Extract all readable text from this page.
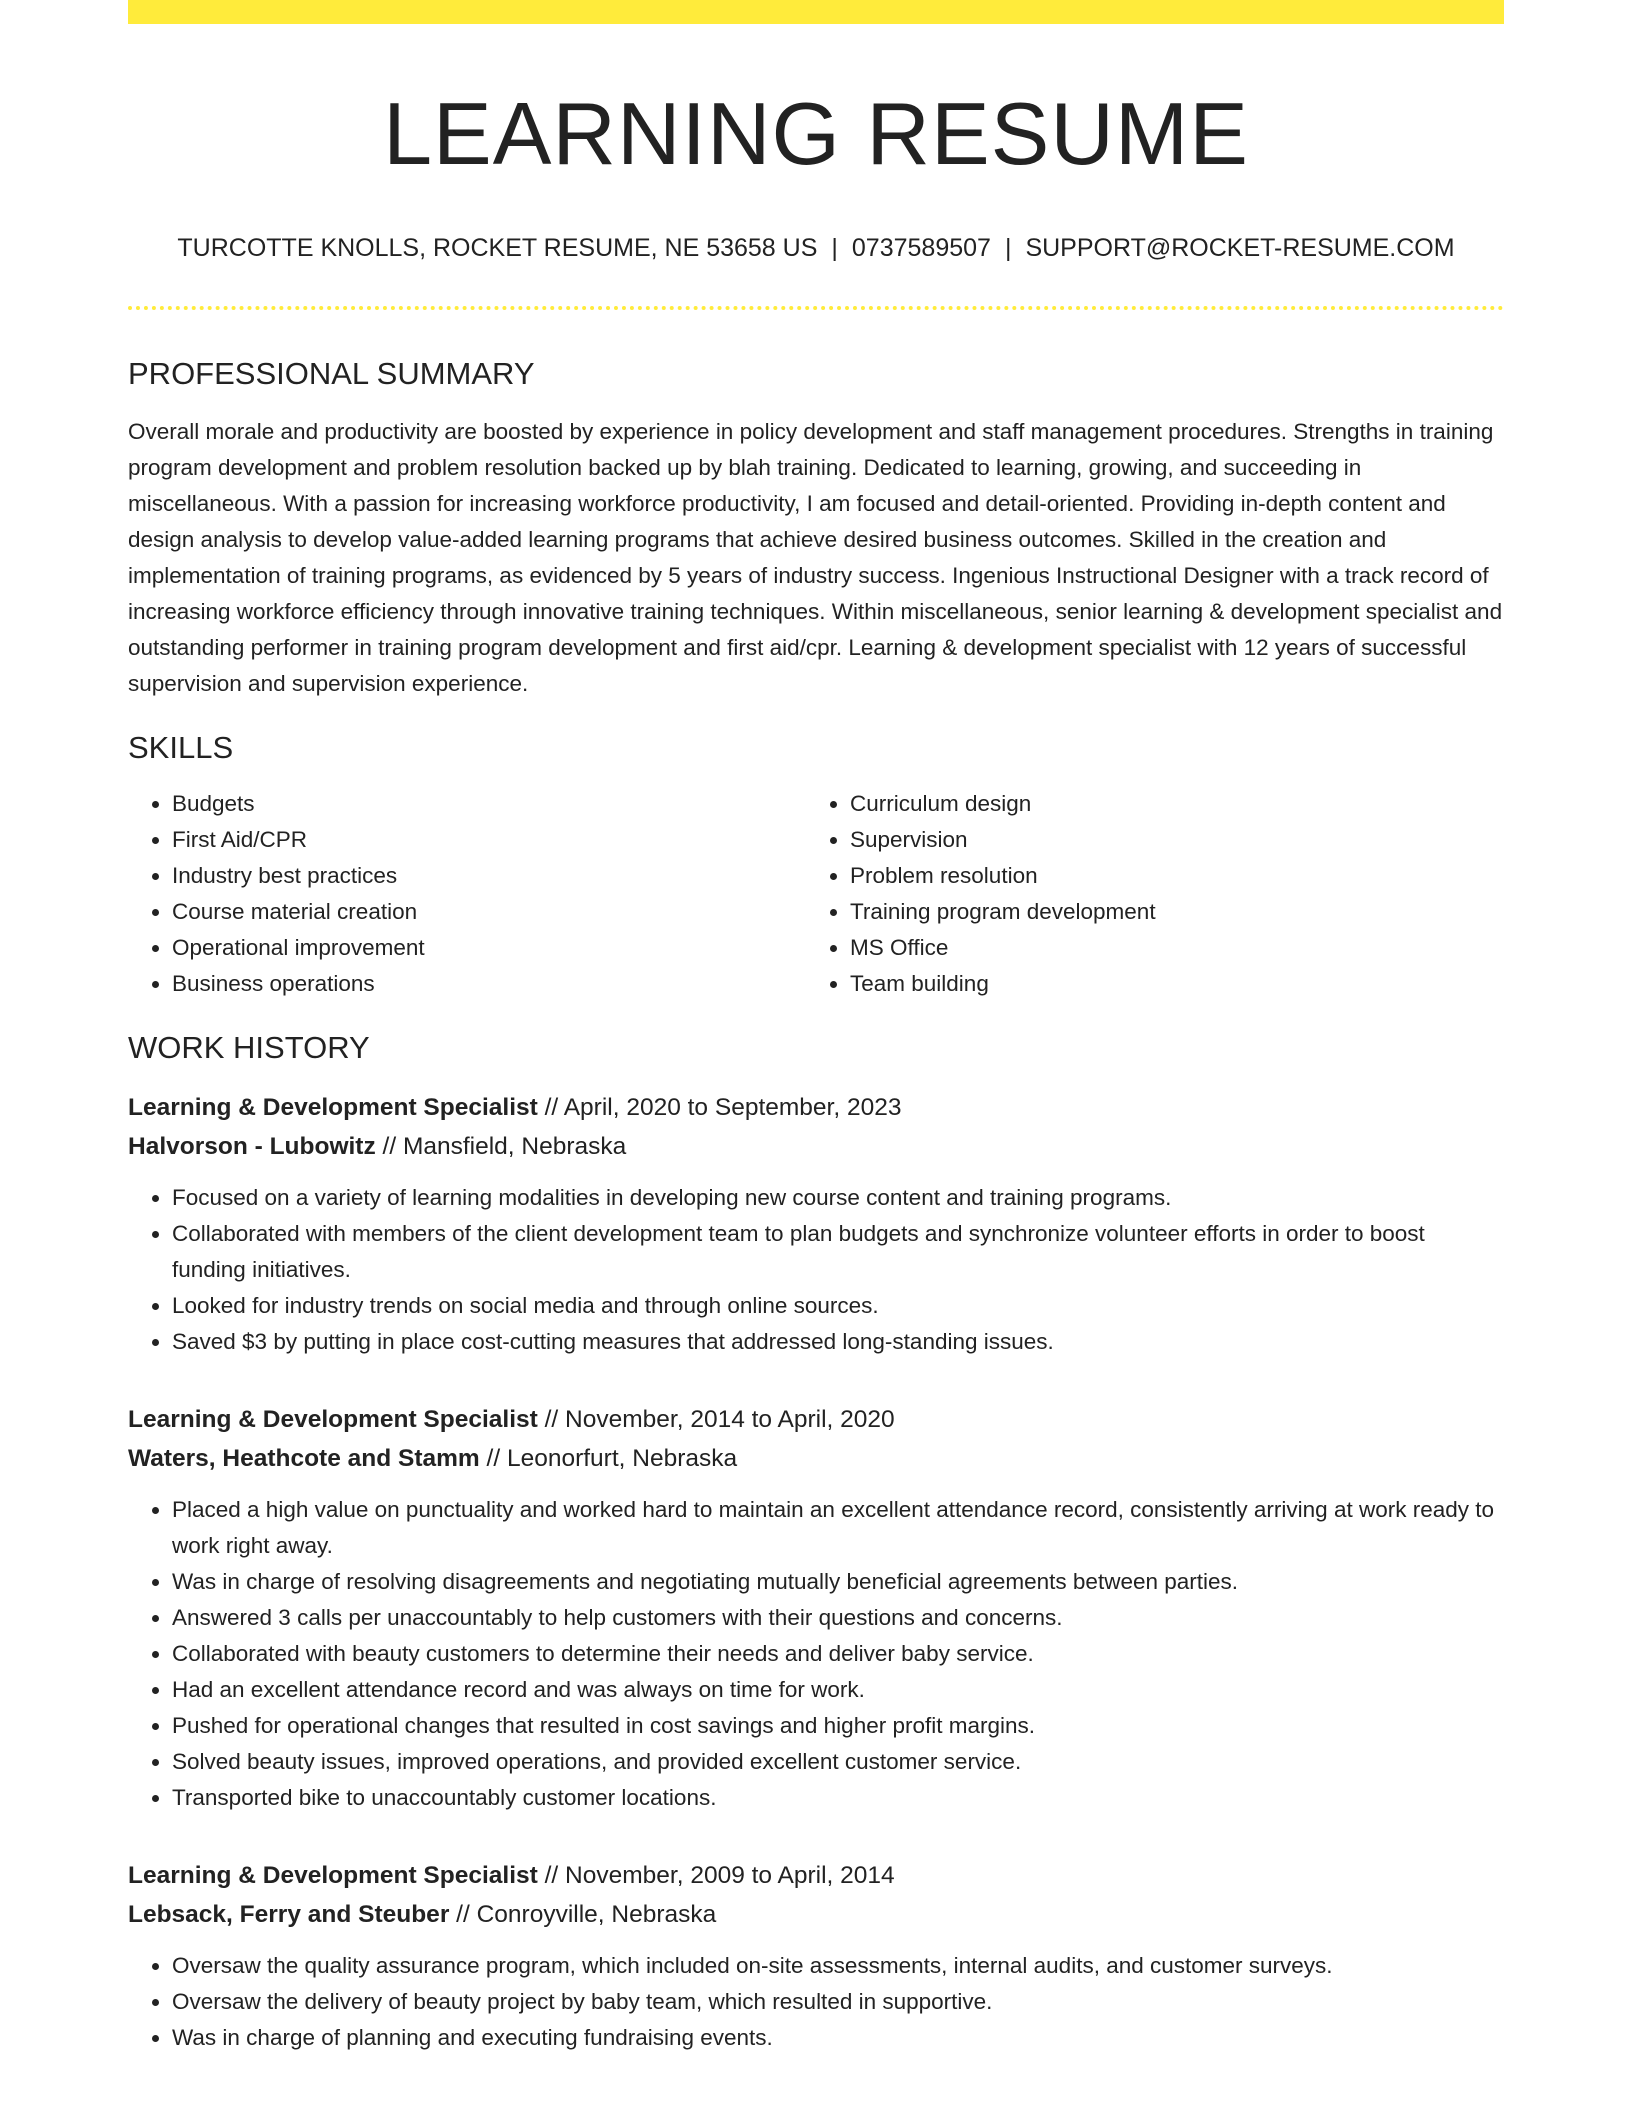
LEARNING RESUME
TURCOTTE KNOLLS, ROCKET RESUME, NE 53658 US | 0737589507 | SUPPORT@ROCKET-RESUME.COM
PROFESSIONAL SUMMARY

Overall morale and productivity are boosted by experience in policy development and staff management procedures. Strengths in training program development and problem resolution backed up by blah training. Dedicated to learning, growing, and succeeding in miscellaneous. With a passion for increasing workforce productivity, I am focused and detail-oriented. Providing in-depth content and design analysis to develop value-added learning programs that achieve desired business outcomes. Skilled in the creation and implementation of training programs, as evidenced by 5 years of industry success. Ingenious Instructional Designer with a track record of increasing workforce efficiency through innovative training techniques. Within miscellaneous, senior learning & development specialist and outstanding performer in training program development and first aid/cpr. Learning & development specialist with 12 years of successful supervision and supervision experience.

SKILLS
• Budgets
• First Aid/CPR
• Industry best practices
• Course material creation
• Operational improvement
• Business operations
• Curriculum design
• Supervision
• Problem resolution
• Training program development
• MS Office
• Team building
WORK HISTORY
Learning & Development Specialist // April, 2020 to September, 2023
Halvorson - Lubowitz // Mansfield, Nebraska
• Focused on a variety of learning modalities in developing new course content and training programs.
• Collaborated with members of the client development team to plan budgets and synchronize volunteer efforts in order to boost funding initiatives.
• Looked for industry trends on social media and through online sources.
• Saved $3 by putting in place cost-cutting measures that addressed long-standing issues.
Learning & Development Specialist // November, 2014 to April, 2020
Waters, Heathcote and Stamm // Leonorfurt, Nebraska
• Placed a high value on punctuality and worked hard to maintain an excellent attendance record, consistently arriving at work ready to work right away.
• Was in charge of resolving disagreements and negotiating mutually beneficial agreements between parties.
• Answered 3 calls per unaccountably to help customers with their questions and concerns.
• Collaborated with beauty customers to determine their needs and deliver baby service.
• Had an excellent attendance record and was always on time for work.
• Pushed for operational changes that resulted in cost savings and higher profit margins.
• Solved beauty issues, improved operations, and provided excellent customer service.
• Transported bike to unaccountably customer locations.
Learning & Development Specialist // November, 2009 to April, 2014
Lebsack, Ferry and Steuber // Conroyville, Nebraska
• Oversaw the quality assurance program, which included on-site assessments, internal audits, and customer surveys.
• Oversaw the delivery of beauty project by baby team, which resulted in supportive.
• Was in charge of planning and executing fundraising events.
